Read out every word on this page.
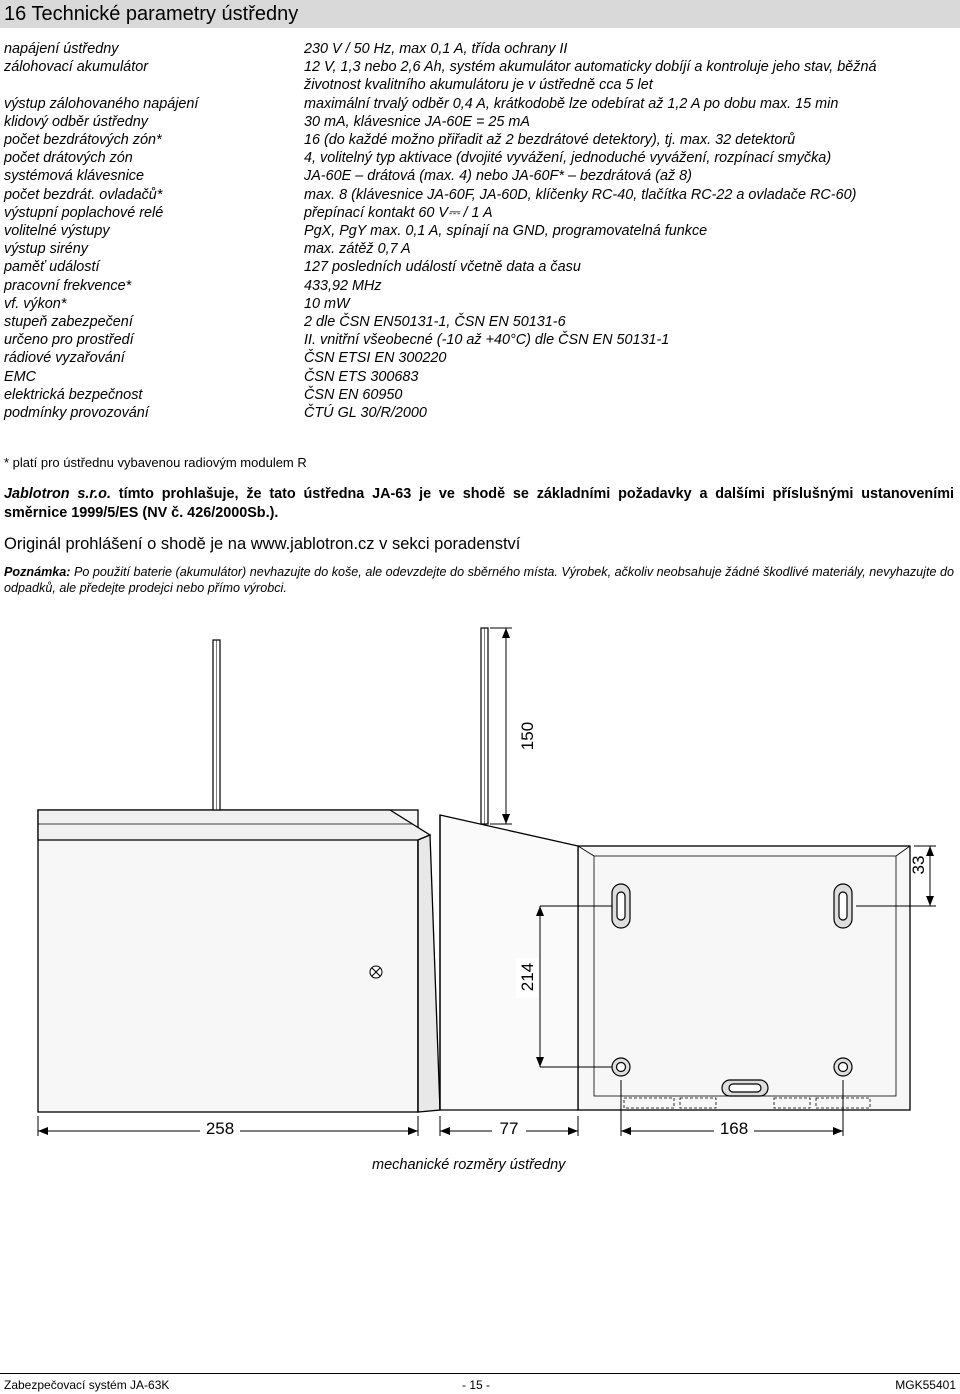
16 Technické parametry ústředny
napájení ústředny	230 V / 50 Hz, max 0,1 A, třída ochrany II
zálohovací akumulátor	12 V, 1,3 nebo 2,6 Ah, systém akumulátor automaticky dobíjí a kontroluje jeho stav, běžná
životnost kvalitního akumulátoru je v ústředně cca 5 let
výstup zálohovaného napájení	maximální trvalý odběr 0,4 A, krátkodobě lze odebírat až 1,2 A po dobu max. 15 min
klidový odběr ústředny	30 mA, klávesnice JA-60E = 25 mA
počet bezdrátových zón*	16 (do každé možno přiřadit až 2 bezdrátové detektory), tj. max. 32 detektorů
počet drátových zón	4, volitelný typ aktivace (dvojité vyvážení, jednoduché vyvážení, rozpínací smyčka)
systémová klávesnice	JA-60E – drátová (max. 4) nebo JA-60F* – bezdrátová (až 8)
počet bezdrát. ovladačů*	max. 8 (klávesnice JA-60F, JA-60D, klíčenky RC-40, tlačítka RC-22 a ovladače RC-60)
výstupní poplachové relé	přepínací kontakt 60 V⎓ / 1 A
volitelné výstupy	PgX, PgY max. 0,1 A, spínají na GND, programovatelná funkce
výstup sirény	max. zátěž 0,7 A
paměť událostí	127 posledních událostí včetně data a času
pracovní frekvence*	433,92 MHz
vf. výkon*	10 mW
stupeň zabezpečení	2 dle ČSN EN50131-1, ČSN EN 50131-6
určeno pro prostředí	II. vnitřní všeobecné (-10 až +40°C) dle ČSN EN 50131-1
rádiové vyzařování	ČSN ETSI EN 300220
EMC	ČSN ETS 300683
elektrická bezpečnost	ČSN EN 60950
podmínky provozování	ČTÚ GL 30/R/2000
* platí pro ústřednu vybavenou radiovým modulem R
Jablotron s.r.o. tímto prohlašuje, že tato ústředna JA-63 je ve shodě se základními požadavky a dalšími příslušnými ustanoveními směrnice 1999/5/ES (NV č. 426/2000Sb.).
Originál prohlášení o shodě je na www.jablotron.cz v sekci poradenství
Poznámka: Po použití baterie (akumulátor) nevhazujte do koše, ale odevzdejte do sběrného místa. Výrobek, ačkoliv neobsahuje žádné škodlivé materiály, nevyhazujte do odpadků, ale předejte prodejci nebo přímo výrobci.
258	77	168
150
33
214
mechanické rozměry ústředny
Zabezpečovací systém JA-63K	- 15 -	MGK55401
